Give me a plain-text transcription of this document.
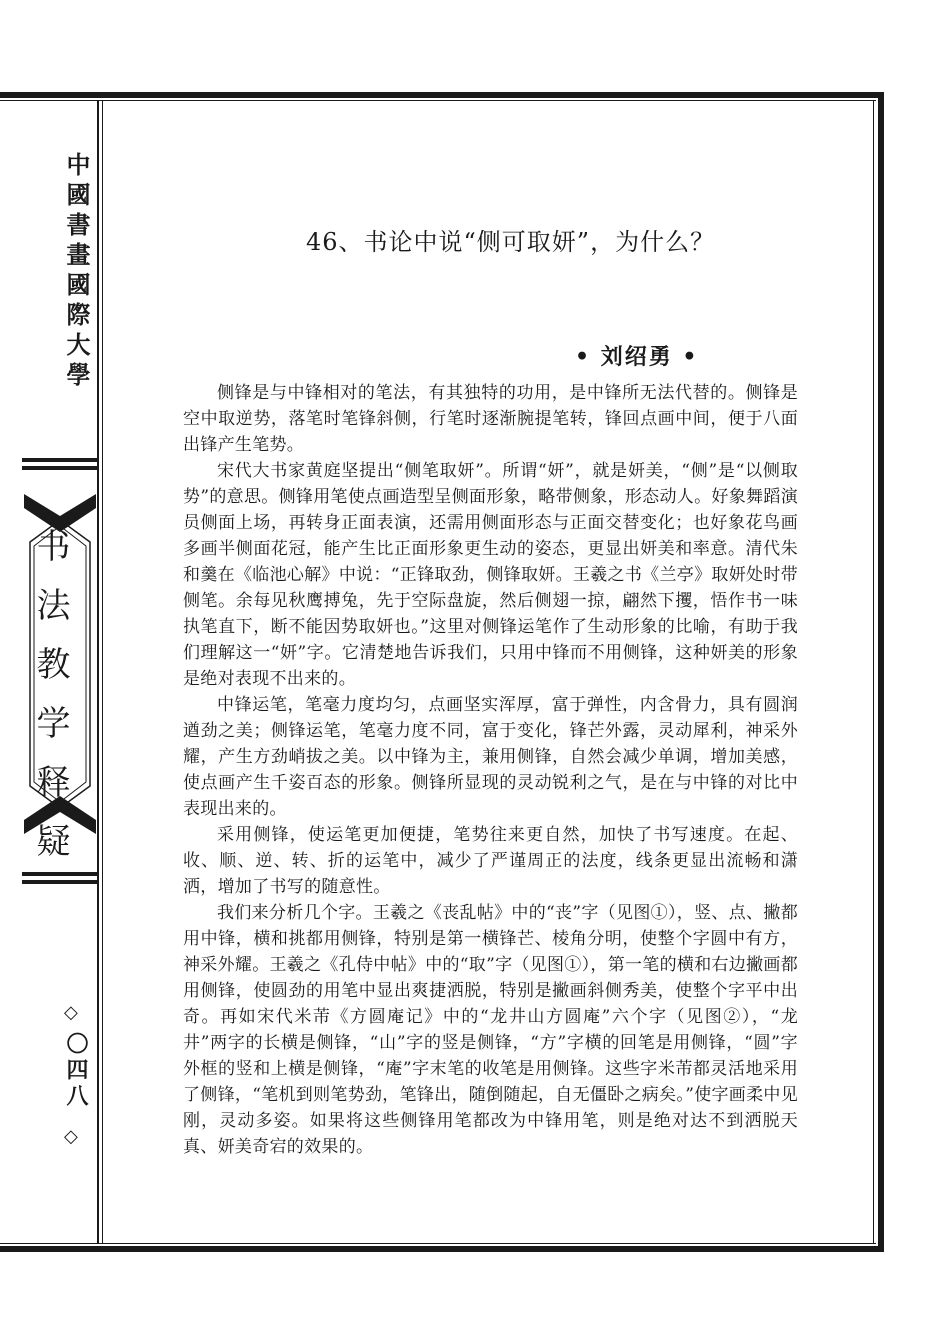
中國書畫國際大學
书法教学释疑
◇
〇四八
◇
46、书论中说“侧可取妍”，为什么？
• 刘绍勇 •

侧锋是与中锋相对的笔法，有其独特的功用，是中锋所无法代替的。侧锋是空中取逆势，落笔时笔锋斜侧，行笔时逐渐腕提笔转，锋回点画中间，便于八面出锋产生笔势。

宋代大书家黄庭坚提出“侧笔取妍”。所谓“妍”，就是妍美，“侧”是“以侧取势”的意思。侧锋用笔使点画造型呈侧面形象，略带侧象，形态动人。好象舞蹈演员侧面上场，再转身正面表演，还需用侧面形态与正面交替变化；也好象花鸟画多画半侧面花冠，能产生比正面形象更生动的姿态，更显出妍美和率意。清代朱和羹在《临池心解》中说：“正锋取劲，侧锋取妍。王羲之书《兰亭》取妍处时带侧笔。余每见秋鹰搏兔，先于空际盘旋，然后侧翅一掠，翩然下攫，悟作书一味执笔直下，断不能因势取妍也。”这里对侧锋运笔作了生动形象的比喻，有助于我们理解这一“妍”字。它清楚地告诉我们，只用中锋而不用侧锋，这种妍美的形象是绝对表现不出来的。

中锋运笔，笔毫力度均匀，点画坚实浑厚，富于弹性，内含骨力，具有圆润遒劲之美；侧锋运笔，笔毫力度不同，富于变化，锋芒外露，灵动犀利，神采外耀，产生方劲峭拔之美。以中锋为主，兼用侧锋，自然会减少单调，增加美感，使点画产生千姿百态的形象。侧锋所显现的灵动锐利之气，是在与中锋的对比中表现出来的。

采用侧锋，使运笔更加便捷，笔势往来更自然，加快了书写速度。在起、收、顺、逆、转、折的运笔中，减少了严谨周正的法度，线条更显出流畅和潇洒，增加了书写的随意性。

我们来分析几个字。王羲之《丧乱帖》中的“丧”字（见图①），竖、点、撇都用中锋，横和挑都用侧锋，特别是第一横锋芒、棱角分明，使整个字圆中有方，神采外耀。王羲之《孔侍中帖》中的“取”字（见图①），第一笔的横和右边撇画都用侧锋，使圆劲的用笔中显出爽捷洒脱，特别是撇画斜侧秀美，使整个字平中出奇。再如宋代米芾《方圆庵记》中的“龙井山方圆庵”六个字（见图②），“龙井”两字的长横是侧锋，“山”字的竖是侧锋，“方”字横的回笔是用侧锋，“圆”字外框的竖和上横是侧锋，“庵”字末笔的收笔是用侧锋。这些字米芾都灵活地采用了侧锋，“笔机到则笔势劲，笔锋出，随倒随起，自无僵卧之病矣。”使字画柔中见刚，灵动多姿。如果将这些侧锋用笔都改为中锋用笔，则是绝对达不到洒脱天真、妍美奇宕的效果的。
